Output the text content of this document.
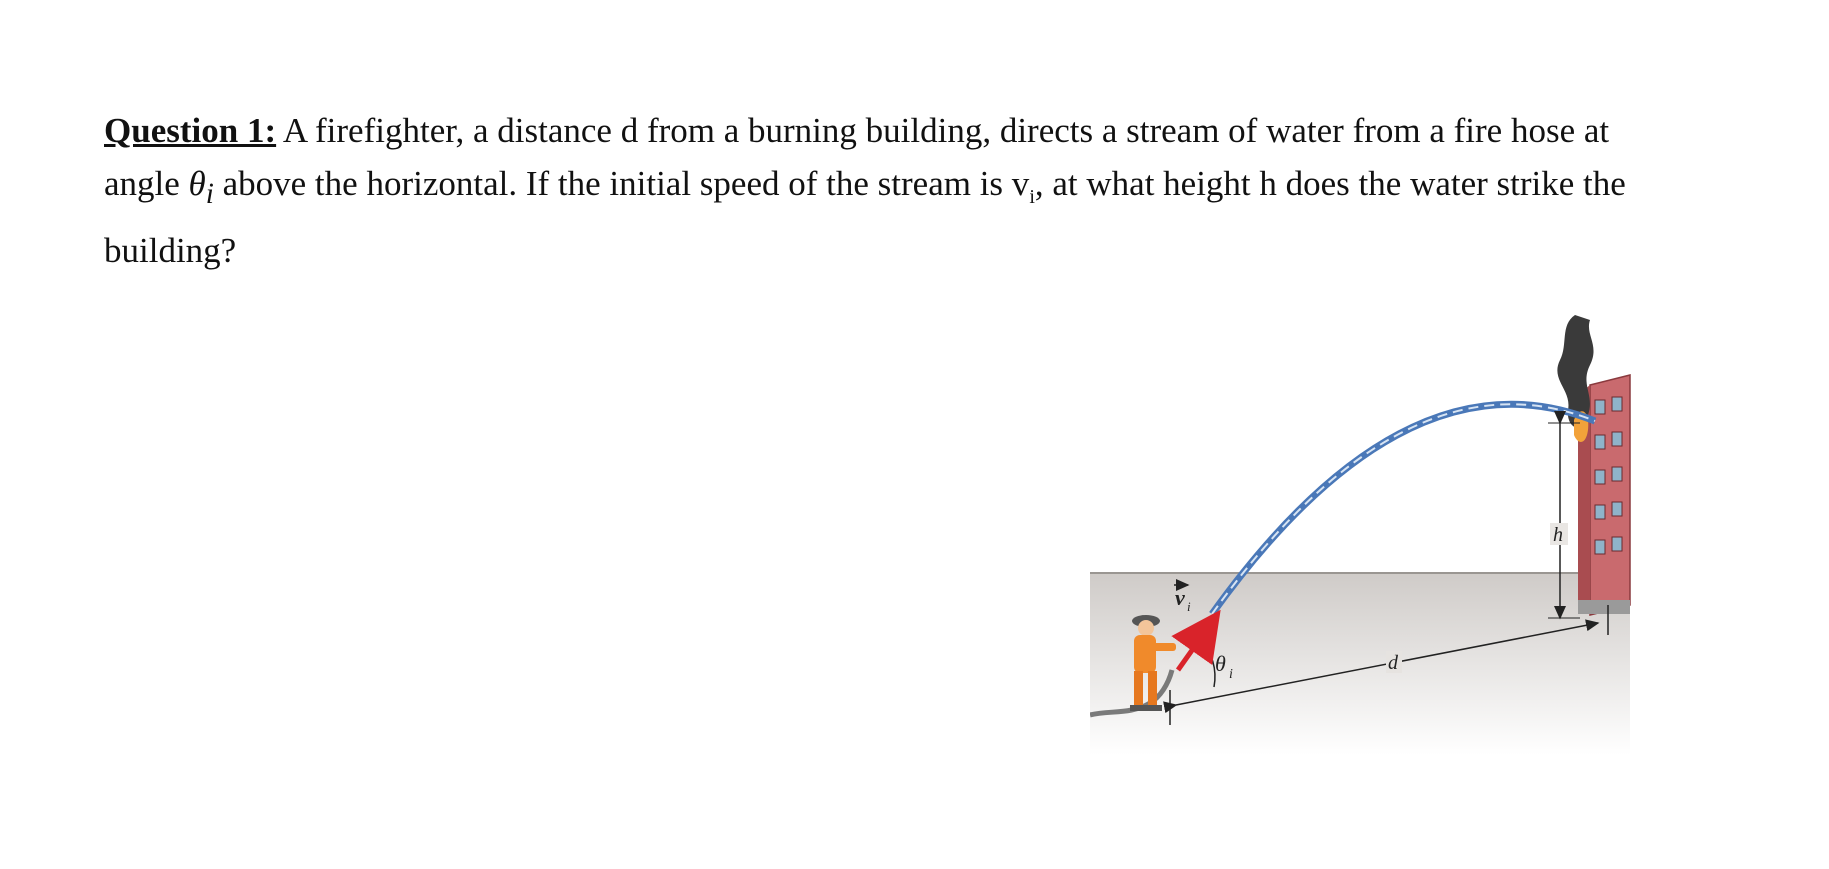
Question 1: A firefighter, a distance d from a burning building, directs a stream of water from a fire hose at angle $\theta_i$ above the horizontal. If the initial speed of the stream is $v_i$, at what height h does the water strike the building?
h
d
θ i
v i
